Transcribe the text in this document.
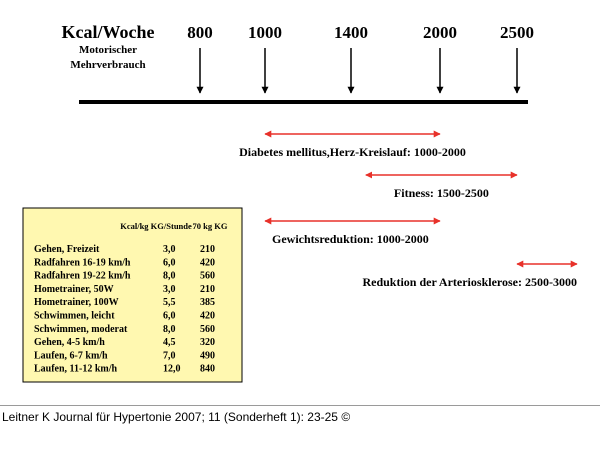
Kcal/Woche
Motorischer
Mehrverbrauch
800 1000	1400	2000	2500
Diabetes mellitus,Herz-Kreislauf: 1000-2000
Fitness: 1500-2500
Gewichtsreduktion: 1000-2000
Reduktion der Arteriosklerose: 2500-3000
Kcal/kg KG/Stunde 70 kg KG
Gehen, Freizeit	3,0 210
Radfahren 16-19 km/h	6,0 420
Radfahren 19-22 km/h	8,0 560
Hometrainer, 50W	3,0 210
Hometrainer, 100W	5,5 385
Schwimmen, leicht	6,0 420
Schwimmen, moderat	8,0 560
Gehen, 4-5 km/h	4,5 320
Laufen, 6-7 km/h	7,0 490
Laufen, 11-12 km/h	12,0 840
Leitner K Journal für Hypertonie 2007; 11 (Sonderheft 1): 23-25 ©
